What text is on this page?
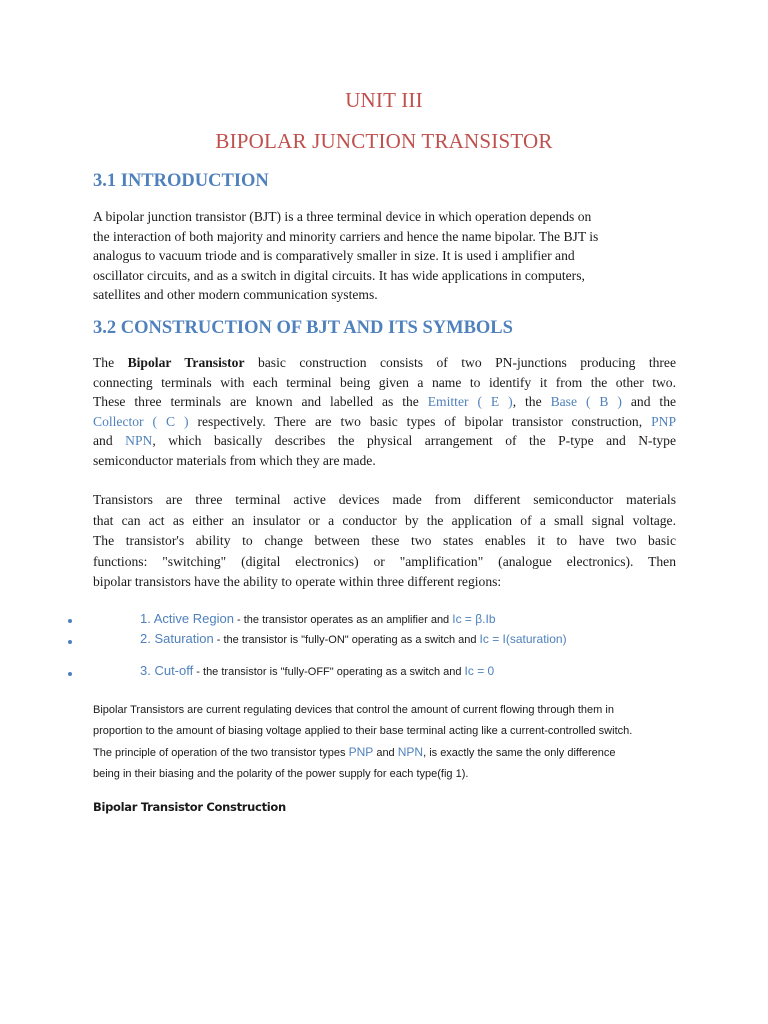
UNIT III
BIPOLAR JUNCTION TRANSISTOR
3.1 INTRODUCTION
A bipolar junction transistor (BJT) is a three terminal device in which operation depends on
the interaction of both majority and minority carriers and hence the name bipolar. The BJT is
analogus to vacuum triode and is comparatively smaller in size. It is used i amplifier and
oscillator circuits, and as a switch in digital circuits. It has wide applications in computers,
satellites and other modern communication systems.
3.2 CONSTRUCTION OF BJT AND ITS SYMBOLS
The Bipolar Transistor basic construction consists of two PN-junctions producing three
connecting terminals with each terminal being given a name to identify it from the other two.
These three terminals are known and labelled as the Emitter ( E ), the Base ( B ) and the
Collector ( C ) respectively. There are two basic types of bipolar transistor construction, PNP
and NPN, which basically describes the physical arrangement of the P-type and N-type
semiconductor materials from which they are made.
Transistors are three terminal active devices made from different semiconductor materials
that can act as either an insulator or a conductor by the application of a small signal voltage.
The transistor's ability to change between these two states enables it to have two basic
functions: "switching" (digital electronics) or "amplification" (analogue electronics). Then
bipolar transistors have the ability to operate within three different regions:
1. Active Region - the transistor operates as an amplifier and Ic = β.Ib
2. Saturation - the transistor is "fully-ON" operating as a switch and Ic = I(saturation)
3. Cut-off - the transistor is "fully-OFF" operating as a switch and Ic = 0
Bipolar Transistors are current regulating devices that control the amount of current flowing through them in
proportion to the amount of biasing voltage applied to their base terminal acting like a current-controlled switch.
The principle of operation of the two transistor types PNP and NPN, is exactly the same the only difference
being in their biasing and the polarity of the power supply for each type(fig 1).
Bipolar Transistor Construction
